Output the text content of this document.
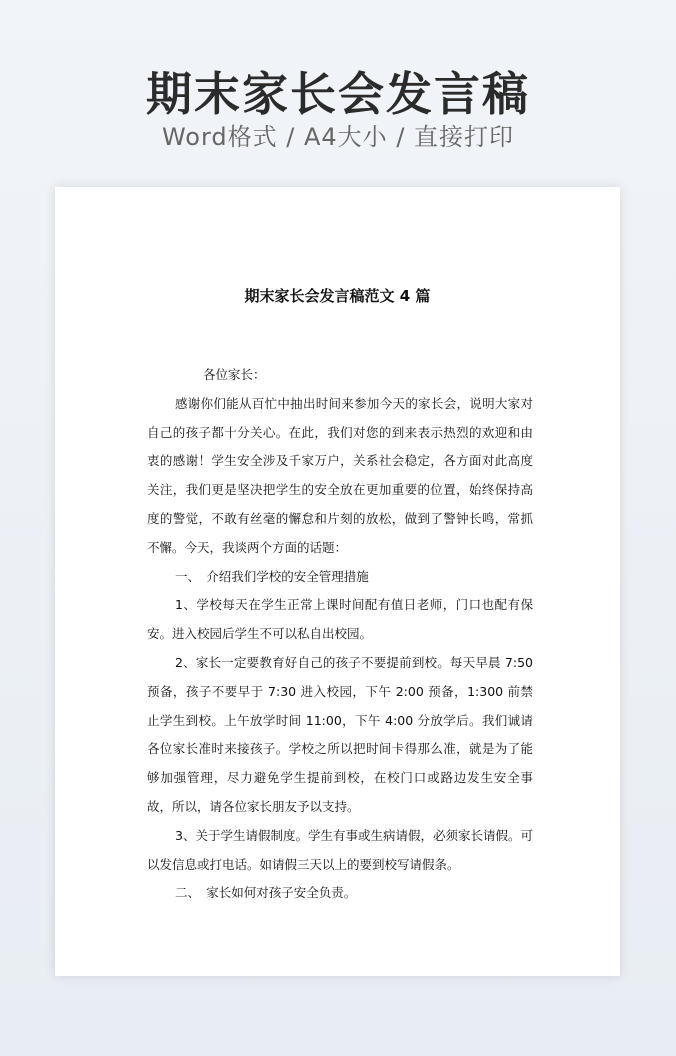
期末家长会发言稿
Word格式 / A4大小 / 直接打印
期末家长会发言稿范文 4 篇

各位家长：

感谢你们能从百忙中抽出时间来参加今天的家长会，说明大家对自己的孩子都十分关心。在此，我们对您的到来表示热烈的欢迎和由衷的感谢！学生安全涉及千家万户，关系社会稳定，各方面对此高度关注，我们更是坚决把学生的安全放在更加重要的位置，始终保持高度的警觉，不敢有丝毫的懈怠和片刻的放松，做到了警钟长鸣，常抓不懈。今天，我谈两个方面的话题：

一、　介绍我们学校的安全管理措施

1、学校每天在学生正常上课时间配有值日老师，门口也配有保安。进入校园后学生不可以私自出校园。

2、家长一定要教育好自己的孩子不要提前到校。每天早晨 7:50 预备，孩子不要早于 7:30 进入校园，下午 2:00 预备，1:300 前禁止学生到校。上午放学时间 11:00，下午 4:00 分放学后。我们诚请各位家长准时来接孩子。学校之所以把时间卡得那么准，就是为了能够加强管理，尽力避免学生提前到校，在校门口或路边发生安全事故，所以，请各位家长朋友予以支持。

3、关于学生请假制度。学生有事或生病请假，必须家长请假。可以发信息或打电话。如请假三天以上的要到校写请假条。

二、　家长如何对孩子安全负责。
